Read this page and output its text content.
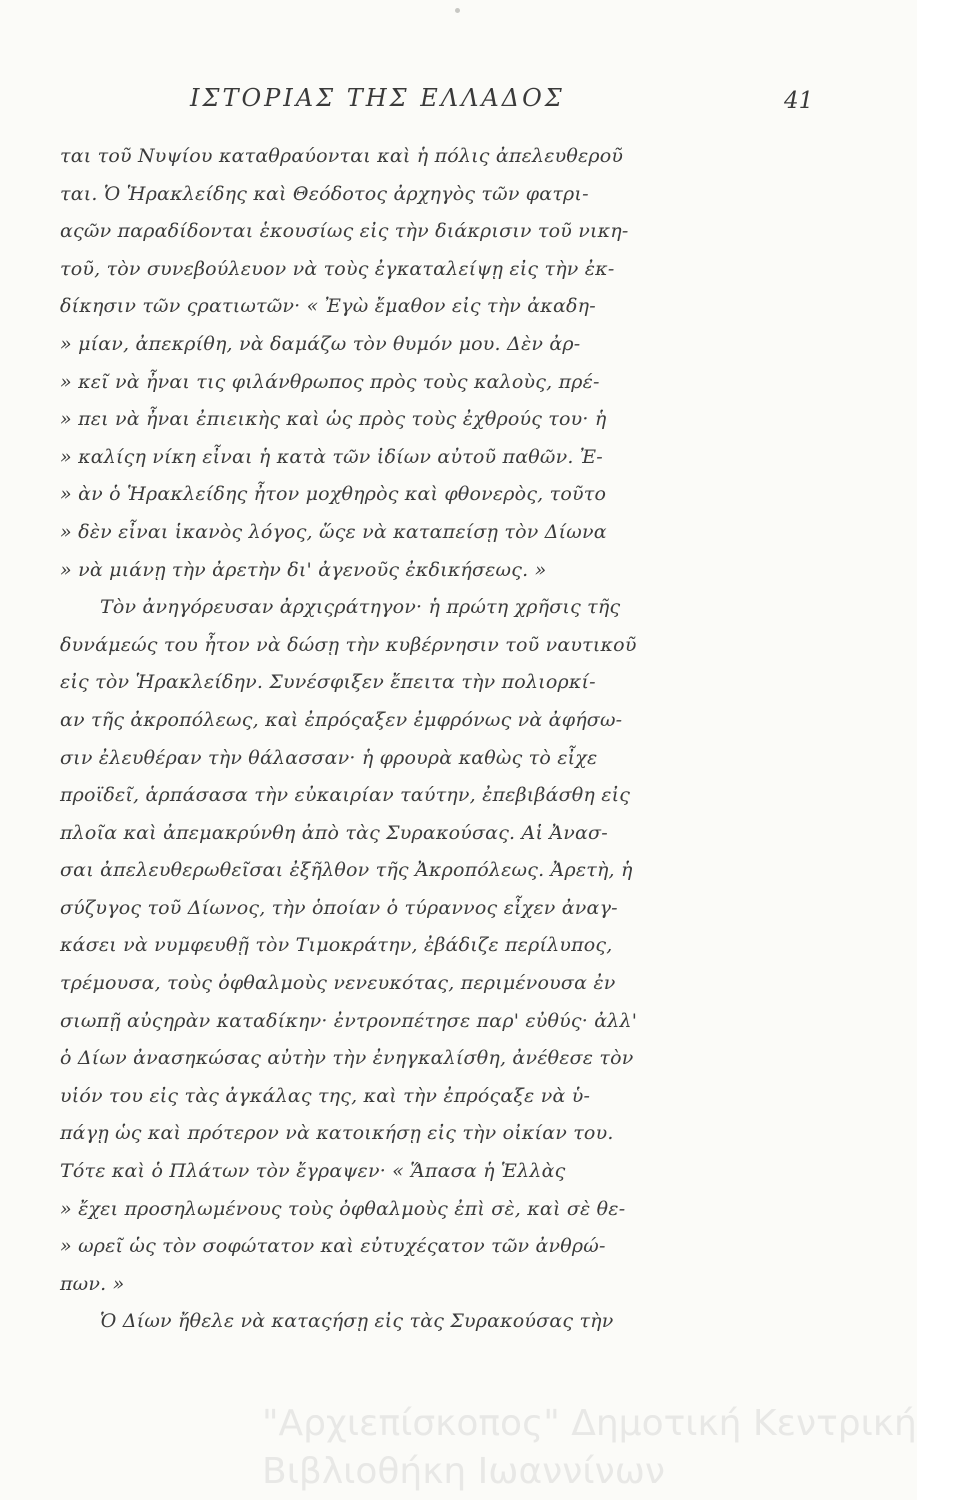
ΙΣΤΟΡΙΑΣ ΤΗΣ ΕΛΛΑΔΟΣ	41
ται τοῦ Νυψίου καταθραύονται καὶ ἡ πόλις ἀπελευθεροῦ
ται. Ὁ Ἡρακλείδης καὶ Θεόδοτος ἀρχηγὸς τῶν φατρι-
αςῶν παραδίδονται ἑκουσίως εἰς τὴν διάκρισιν τοῦ νικη-
τοῦ, τὸν συνεβούλευον νὰ τοὺς ἐγκαταλείψῃ εἰς τὴν ἐκ-
δίκησιν τῶν ςρατιωτῶν· « Ἐγὼ ἔμαθον εἰς τὴν ἀκαδη-
» μίαν, ἀπεκρίθη, νὰ δαμάζω τὸν θυμόν μου. Δὲν ἀρ-
» κεῖ νὰ ἦναι τις φιλάνθρωπος πρὸς τοὺς καλοὺς, πρέ-
» πει νὰ ἦναι ἐπιεικὴς καὶ ὡς πρὸς τοὺς ἐχθρούς του· ἡ
» καλίςη νίκη εἶναι ἡ κατὰ τῶν ἰδίων αὐτοῦ παθῶν. Ἐ-
» ὰν ὁ Ἡρακλείδης ἦτον μοχθηρὸς καὶ φθονερὸς, τοῦτο
» δὲν εἶναι ἱκανὸς λόγος, ὥςε νὰ καταπείσῃ τὸν Δίωνα
» νὰ μιάνῃ τὴν ἀρετὴν δι' ἀγενοῦς ἐκδικήσεως. »
Τὸν ἀνηγόρευσαν ἀρχιςράτηγον· ἡ πρώτη χρῆσις τῆς
δυνάμεώς του ἦτον νὰ δώσῃ τὴν κυβέρνησιν τοῦ ναυτικοῦ
εἰς τὸν Ἡρακλείδην. Συνέσφιξεν ἔπειτα τὴν πολιορκί-
αν τῆς ἀκροπόλεως, καὶ ἐπρόςαξεν ἐμφρόνως νὰ ἀφήσω-
σιν ἐλευθέραν τὴν θάλασσαν· ἡ φρουρὰ καθὼς τὸ εἶχε
προϊδεῖ, ἁρπάσασα τὴν εὐκαιρίαν ταύτην, ἐπεβιβάσθη εἰς
πλοῖα καὶ ἀπεμακρύνθη ἀπὸ τὰς Συρακούσας. Αἱ Ἀνασ-
σαι ἀπελευθερωθεῖσαι ἐξῆλθον τῆς Ἀκροπόλεως. Ἀρετὴ, ἡ
σύζυγος τοῦ Δίωνος, τὴν ὁποίαν ὁ τύραννος εἶχεν ἀναγ-
κάσει νὰ νυμφευθῇ τὸν Τιμοκράτην, ἐβάδιζε περίλυπος,
τρέμουσα, τοὺς ὀφθαλμοὺς νενευκότας, περιμένουσα ἐν
σιωπῇ αὐςηρὰν καταδίκην· ἐντρονπέτησε παρ' εὐθύς· ἀλλ'
ὁ Δίων ἀνασηκώσας αὐτὴν τὴν ἐνηγκαλίσθη, ἀνέθεσε τὸν
υἱόν του εἰς τὰς ἀγκάλας της, καὶ τὴν ἐπρόςαξε νὰ ὑ-
πάγῃ ὡς καὶ πρότερον νὰ κατοικήσῃ εἰς τὴν οἰκίαν του.
Τότε καὶ ὁ Πλάτων τὸν ἔγραψεν· « Ἅπασα ἡ Ἑλλὰς
» ἔχει προσηλωμένους τοὺς ὀφθαλμοὺς ἐπὶ σὲ, καὶ σὲ θε-
» ωρεῖ ὡς τὸν σοφώτατον καὶ εὐτυχέςατον τῶν ἀνθρώ-
πων. »
Ὁ Δίων ἤθελε νὰ καταςήσῃ εἰς τὰς Συρακούσας τὴν
"Αρχιεπίσκοπος" Δημοτική Κεντρική
Βιβλιοθήκη Ιωαννίνων
